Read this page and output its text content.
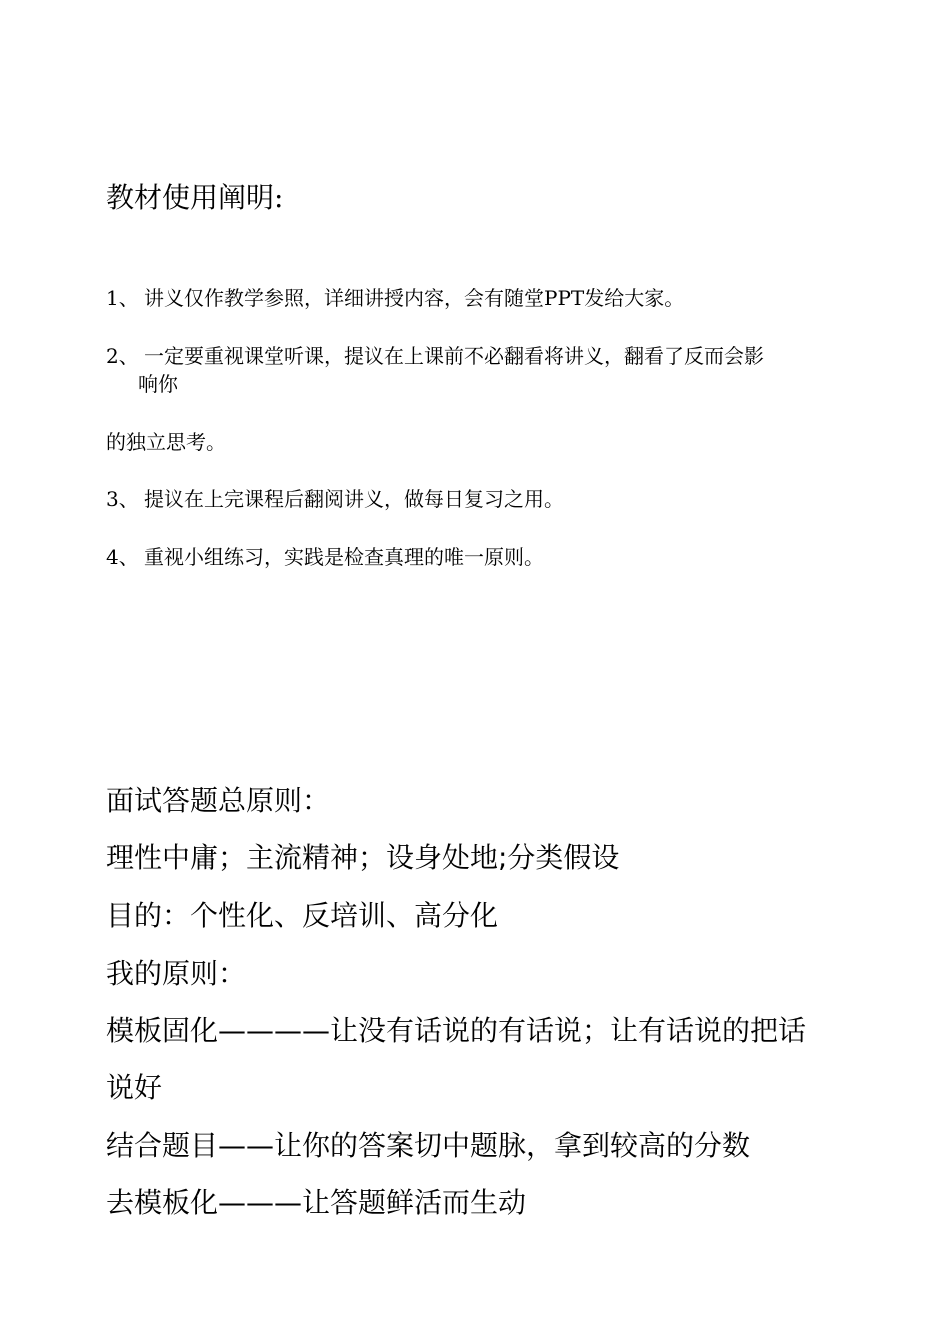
教材使用阐明:
1、 讲义仅作教学参照，详细讲授内容，会有随堂PPT发给大家。
2、 一定要重视课堂听课，提议在上课前不必翻看将讲义，翻看了反而会影
响你
的独立思考。
3、 提议在上完课程后翻阅讲义，做每日复习之用。
4、 重视小组练习，实践是检查真理的唯一原则。
面试答题总原则：
理性中庸；主流精神；设身处地;分类假设
目的：个性化、反培训、高分化
我的原则：
模板固化————让没有话说的有话说；让有话说的把话
说好
结合题目——让你的答案切中题脉，拿到较高的分数
去模板化———让答题鲜活而生动
